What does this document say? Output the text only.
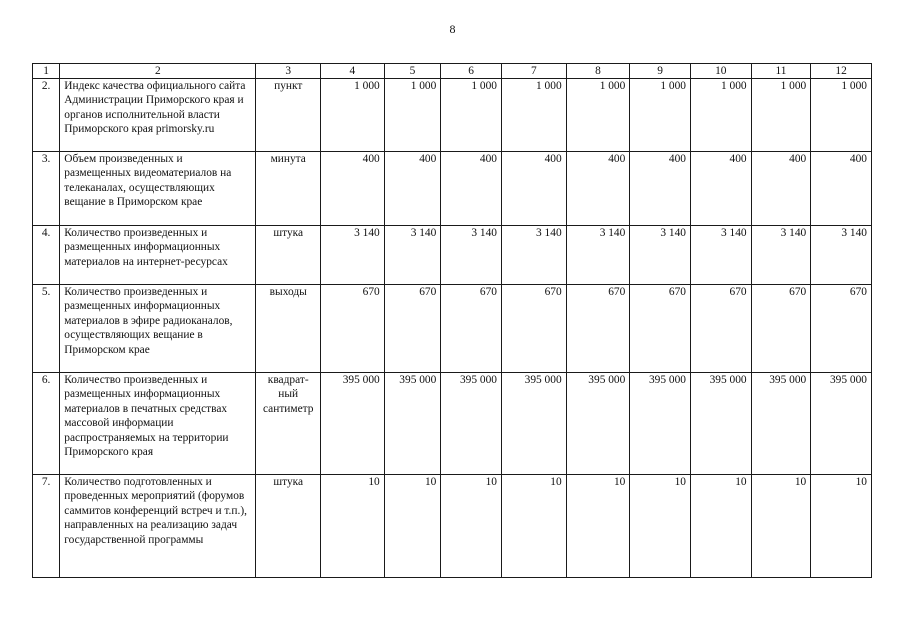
8
1	2	3	4	5	6	7	8	9	10	11	12
2.	Индекс качества официального сайта Администрации Приморского края и органов исполнительной власти Приморского края primorsky.ru	пункт	1 000	1 000	1 000	1 000	1 000	1 000	1 000	1 000	1 000
3.	Объем произведенных и размещенных видеоматериалов на телеканалах, осуществляющих вещание в Приморском крае	минута	400	400	400	400	400	400	400	400	400
4.	Количество произведенных и размещенных информационных материалов на интернет-ресурсах	штука	3 140	3 140	3 140	3 140	3 140	3 140	3 140	3 140	3 140
5.	Количество произведенных и размещенных информационных материалов в эфире радиоканалов, осуществляющих вещание в Приморском крае	выходы	670	670	670	670	670	670	670	670	670
6.	Количество произведенных и размещенных информационных материалов в печатных средствах массовой информации распространяемых на территории Приморского края	квадрат-ный сантиметр	395 000	395 000	395 000	395 000	395 000	395 000	395 000	395 000	395 000
7.	Количество подготовленных и проведенных мероприятий (форумов саммитов конференций встреч и т.п.), направленных на реализацию задач государственной программы	штука	10	10	10	10	10	10	10	10	10
